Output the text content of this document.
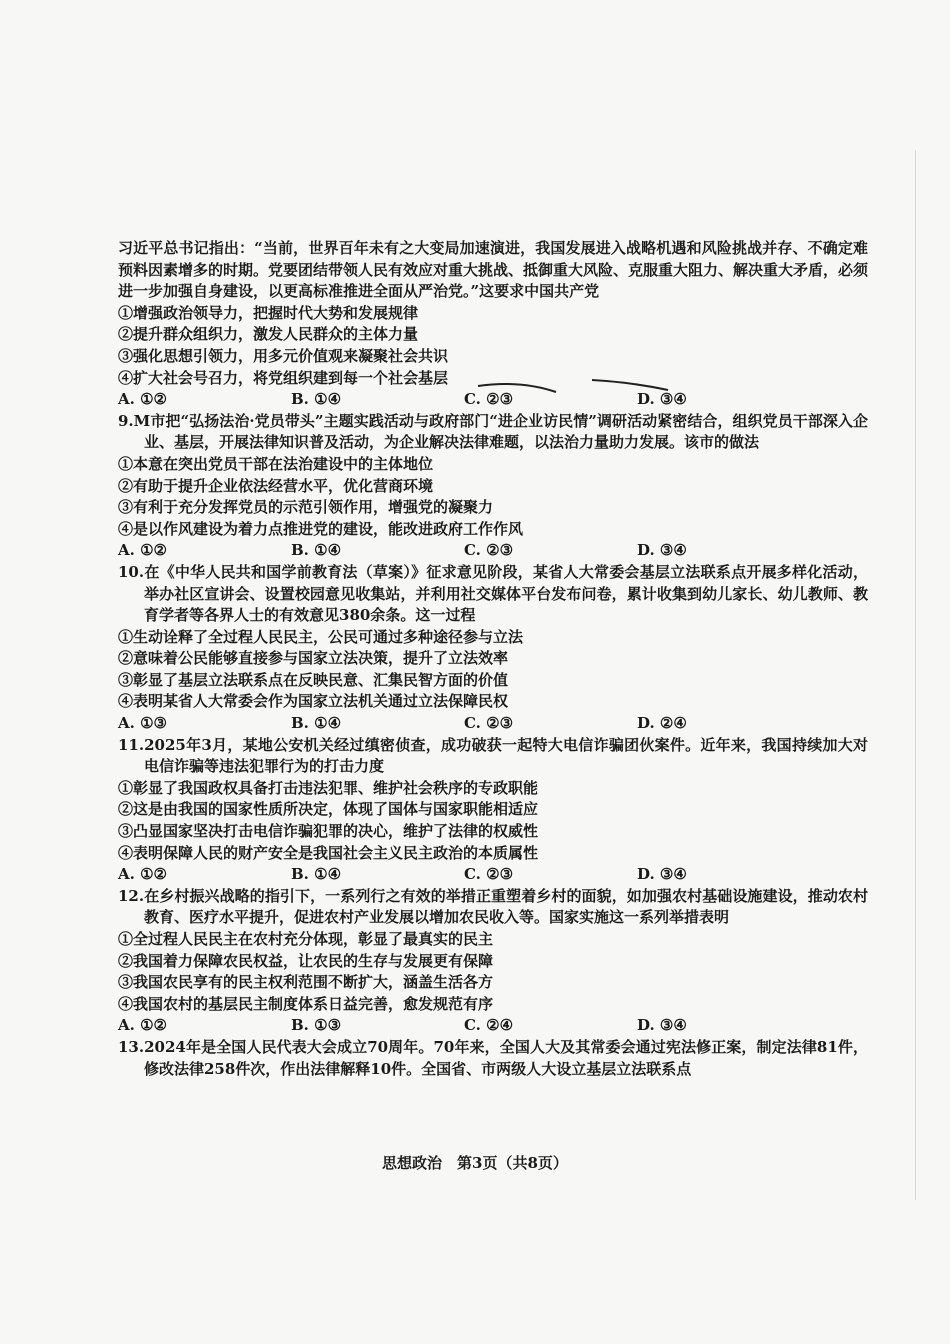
习近平总书记指出：“当前，世界百年未有之大变局加速演进，我国发展进入战略机遇和风险挑战并存、不确定难预料因素增多的时期。党要团结带领人民有效应对重大挑战、抵御重大风险、克服重大阻力、解决重大矛盾，必须进一步加强自身建设，以更高标准推进全面从严治党。”这要求中国共产党

①增强政治领导力，把握时代大势和发展规律

②提升群众组织力，激发人民群众的主体力量

③强化思想引领力，用多元价值观来凝聚社会共识

④扩大社会号召力，将党组织建到每一个社会基层

A. ①②	B. ①④	C. ②③	D. ③④

9.M市把“弘扬法治·党员带头”主题实践活动与政府部门“进企业访民情”调研活动紧密结合，组织党员干部深入企业、基层，开展法律知识普及活动，为企业解决法律难题，以法治力量助力发展。该市的做法

①本意在突出党员干部在法治建设中的主体地位

②有助于提升企业依法经营水平，优化营商环境

③有利于充分发挥党员的示范引领作用，增强党的凝聚力

④是以作风建设为着力点推进党的建设，能改进政府工作作风

A. ①②	B. ①④	C. ②③	D. ③④

10.在《中华人民共和国学前教育法（草案）》征求意见阶段，某省人大常委会基层立法联系点开展多样化活动，举办社区宣讲会、设置校园意见收集站，并利用社交媒体平台发布问卷，累计收集到幼儿家长、幼儿教师、教育学者等各界人士的有效意见380余条。这一过程

①生动诠释了全过程人民民主，公民可通过多种途径参与立法

②意味着公民能够直接参与国家立法决策，提升了立法效率

③彰显了基层立法联系点在反映民意、汇集民智方面的价值

④表明某省人大常委会作为国家立法机关通过立法保障民权

A. ①③	B. ①④	C. ②③	D. ②④

11.2025年3月，某地公安机关经过缜密侦查，成功破获一起特大电信诈骗团伙案件。近年来，我国持续加大对电信诈骗等违法犯罪行为的打击力度

①彰显了我国政权具备打击违法犯罪、维护社会秩序的专政职能

②这是由我国的国家性质所决定，体现了国体与国家职能相适应

③凸显国家坚决打击电信诈骗犯罪的决心，维护了法律的权威性

④表明保障人民的财产安全是我国社会主义民主政治的本质属性

A. ①②	B. ①④	C. ②③	D. ③④

12.在乡村振兴战略的指引下，一系列行之有效的举措正重塑着乡村的面貌，如加强农村基础设施建设，推动农村教育、医疗水平提升，促进农村产业发展以增加农民收入等。国家实施这一系列举措表明

①全过程人民民主在农村充分体现，彰显了最真实的民主

②我国着力保障农民权益，让农民的生存与发展更有保障

③我国农民享有的民主权利范围不断扩大，涵盖生活各方

④我国农村的基层民主制度体系日益完善，愈发规范有序

A. ①②	B. ①③	C. ②④	D. ③④

13.2024年是全国人民代表大会成立70周年。70年来，全国人大及其常委会通过宪法修正案，制定法律81件，修改法律258件次，作出法律解释10件。全国省、市两级人大设立基层立法联系点

思想政治　第3页（共8页）
